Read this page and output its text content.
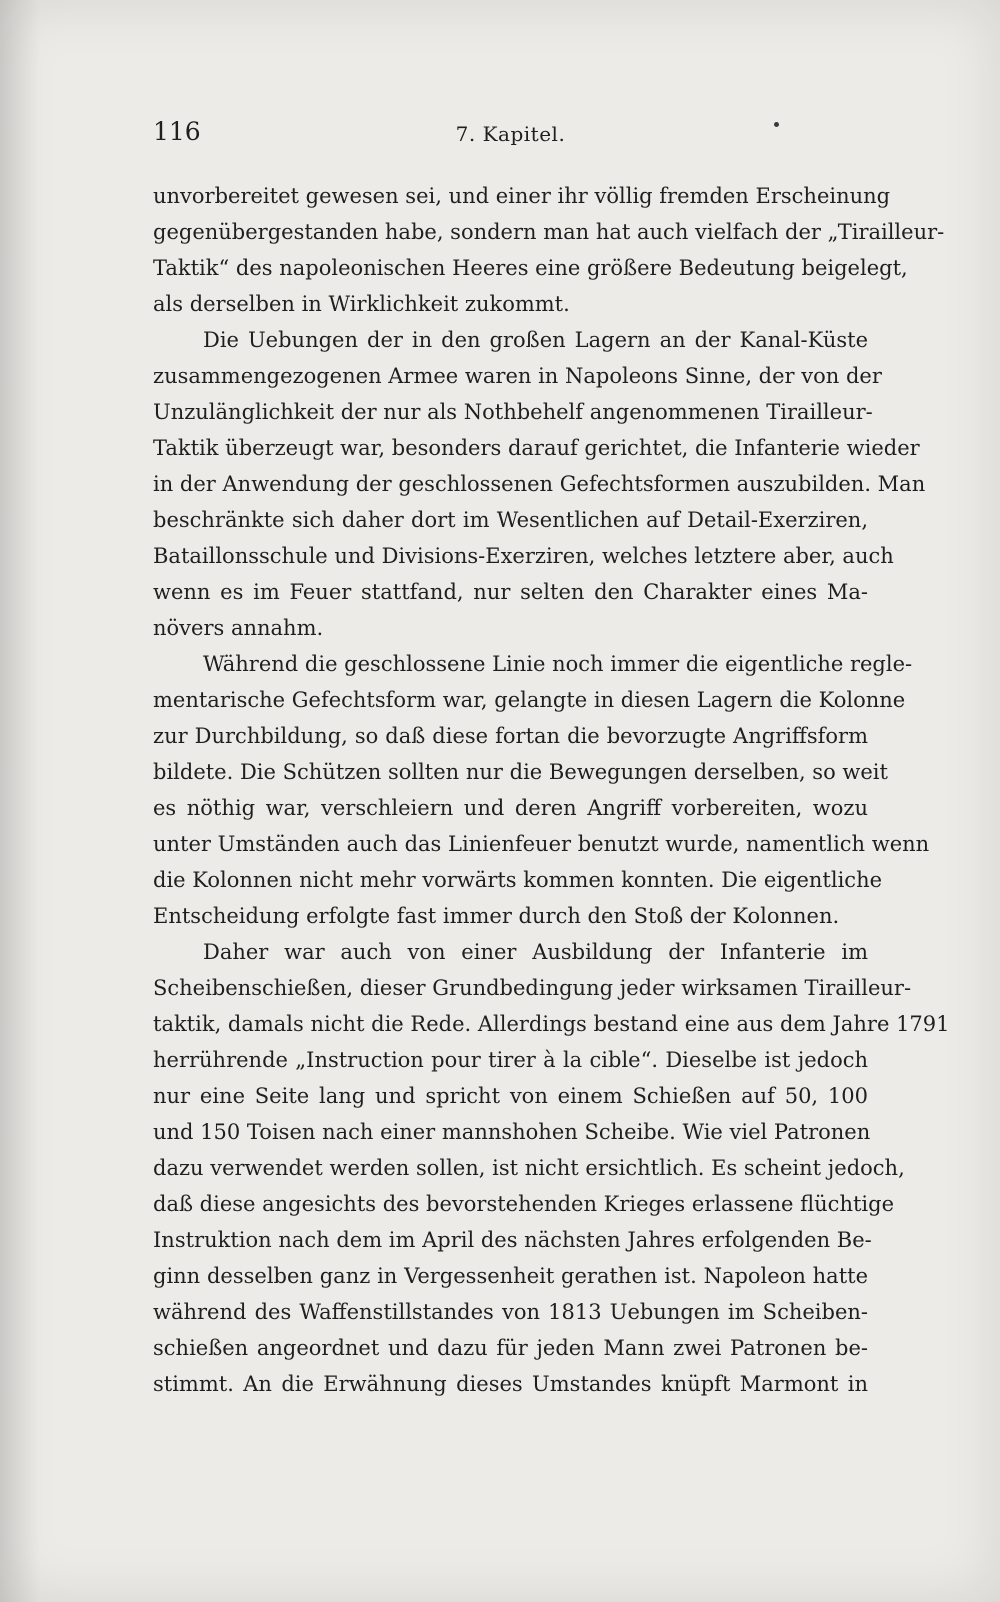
116	7. Kapitel.
unvorbereitet gewesen sei, und einer ihr völlig fremden Erscheinung
gegenübergestanden habe, sondern man hat auch vielfach der „Tirailleur-
Taktik“ des napoleonischen Heeres eine größere Bedeutung beigelegt,
als derselben in Wirklichkeit zukommt.
Die Uebungen der in den großen Lagern an der Kanal-Küste
zusammengezogenen Armee waren in Napoleons Sinne, der von der
Unzulänglichkeit der nur als Nothbehelf angenommenen Tirailleur-
Taktik überzeugt war, besonders darauf gerichtet, die Infanterie wieder
in der Anwendung der geschlossenen Gefechtsformen auszubilden. Man
beschränkte sich daher dort im Wesentlichen auf Detail-Exerziren,
Bataillonsschule und Divisions-Exerziren, welches letztere aber, auch
wenn es im Feuer stattfand, nur selten den Charakter eines Ma-
növers annahm.
Während die geschlossene Linie noch immer die eigentliche regle-
mentarische Gefechtsform war, gelangte in diesen Lagern die Kolonne
zur Durchbildung, so daß diese fortan die bevorzugte Angriffsform
bildete. Die Schützen sollten nur die Bewegungen derselben, so weit
es nöthig war, verschleiern und deren Angriff vorbereiten, wozu
unter Umständen auch das Linienfeuer benutzt wurde, namentlich wenn
die Kolonnen nicht mehr vorwärts kommen konnten. Die eigentliche
Entscheidung erfolgte fast immer durch den Stoß der Kolonnen.
Daher war auch von einer Ausbildung der Infanterie im
Scheibenschießen, dieser Grundbedingung jeder wirksamen Tirailleur-
taktik, damals nicht die Rede. Allerdings bestand eine aus dem Jahre 1791
herrührende „Instruction pour tirer à la cible“. Dieselbe ist jedoch
nur eine Seite lang und spricht von einem Schießen auf 50, 100
und 150 Toisen nach einer mannshohen Scheibe. Wie viel Patronen
dazu verwendet werden sollen, ist nicht ersichtlich. Es scheint jedoch,
daß diese angesichts des bevorstehenden Krieges erlassene flüchtige
Instruktion nach dem im April des nächsten Jahres erfolgenden Be-
ginn desselben ganz in Vergessenheit gerathen ist. Napoleon hatte
während des Waffenstillstandes von 1813 Uebungen im Scheiben-
schießen angeordnet und dazu für jeden Mann zwei Patronen be-
stimmt. An die Erwähnung dieses Umstandes knüpft Marmont in
